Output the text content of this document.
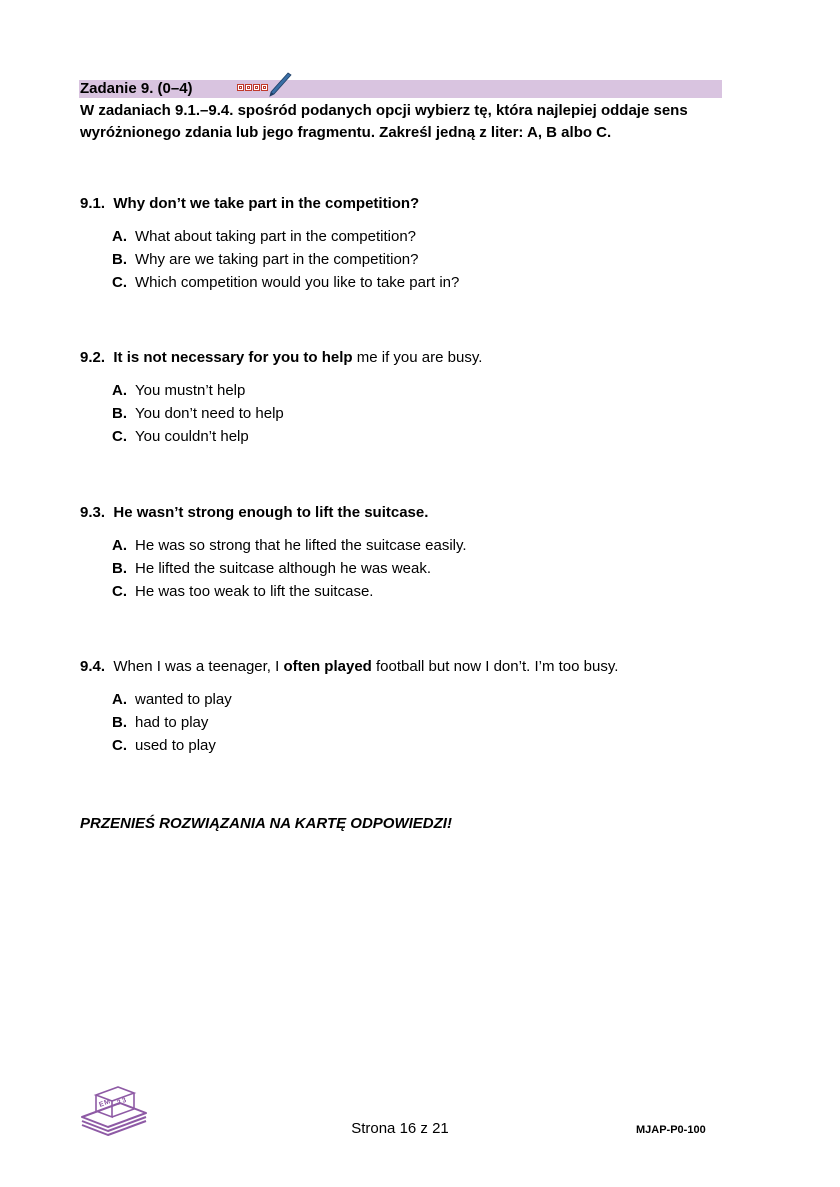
Zadanie 9. (0–4)
W zadaniach 9.1.–9.4. spośród podanych opcji wybierz tę, która najlepiej oddaje sens wyróżnionego zdania lub jego fragmentu. Zakreśl jedną z liter: A, B albo C.
9.1. Why don’t we take part in the competition?
A. What about taking part in the competition?
B. Why are we taking part in the competition?
C. Which competition would you like to take part in?
9.2. It is not necessary for you to help me if you are busy.
A. You mustn’t help
B. You don’t need to help
C. You couldn’t help
9.3. He wasn’t strong enough to lift the suitcase.
A. He was so strong that he lifted the suitcase easily.
B. He lifted the suitcase although he was weak.
C. He was too weak to lift the suitcase.
9.4. When I was a teenager, I often played football but now I don’t. I’m too busy.
A. wanted to play
B. had to play
C. used to play
PRZENIEŚ ROZWIĄZANIA NA KARTĘ ODPOWIEDZI!
E
M 2
3
Strona 16 z 21	MJAP-P0-100
